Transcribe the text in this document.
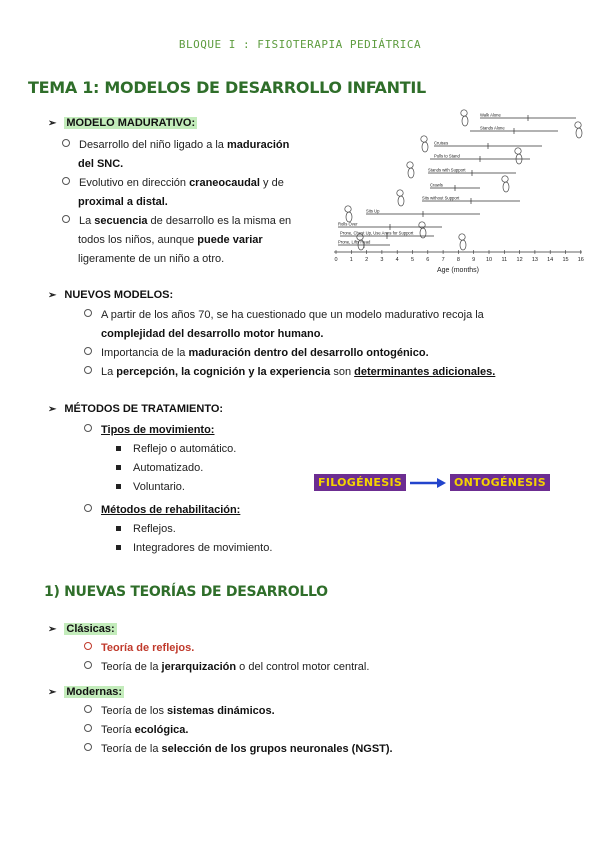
BLOQUE I : FISIOTERAPIA PEDIÁTRICA
TEMA 1: MODELOS DE DESARROLLO INFANTIL
➢ MODELO MADURATIVO:
Desarrollo del niño ligado a la maduración
del SNC.
Evolutivo en dirección craneocaudal y de
proximal a distal.
La secuencia de desarrollo es la misma en
todos los niños, aunque puede variar
ligeramente de un niño a otro.
Walk Alone
Stands Alone
Cruises
Pulls to Stand
Stands with Support
Crawls
Sits without Support
Sits Up
Rolls Over
Prone, Chest Up, Use Arms for Support
Prone, Lifts Head
0 1 2 3 4 5 6 7 8 9 10 11 12 13 14 15 16
Age (months)
➢ NUEVOS MODELOS:
A partir de los años 70, se ha cuestionado que un modelo madurativo recoja la
complejidad del desarrollo motor humano.
Importancia de la maduración dentro del desarrollo ontogénico.
La percepción, la cognición y la experiencia son determinantes adicionales.
➢ MÉTODOS DE TRATAMIENTO:
Tipos de movimiento:
Reflejo o automático.
Automatizado.
Voluntario.
Métodos de rehabilitación:
Reflejos.
Integradores de movimiento.
FILOGÉNESIS	ONTOGÉNESIS
1) NUEVAS TEORÍAS DE DESARROLLO
➢ Clásicas:
Teoría de reflejos.
Teoría de la jerarquización o del control motor central.
➢ Modernas:
Teoría de los sistemas dinámicos.
Teoría ecológica.
Teoría de la selección de los grupos neuronales (NGST).
